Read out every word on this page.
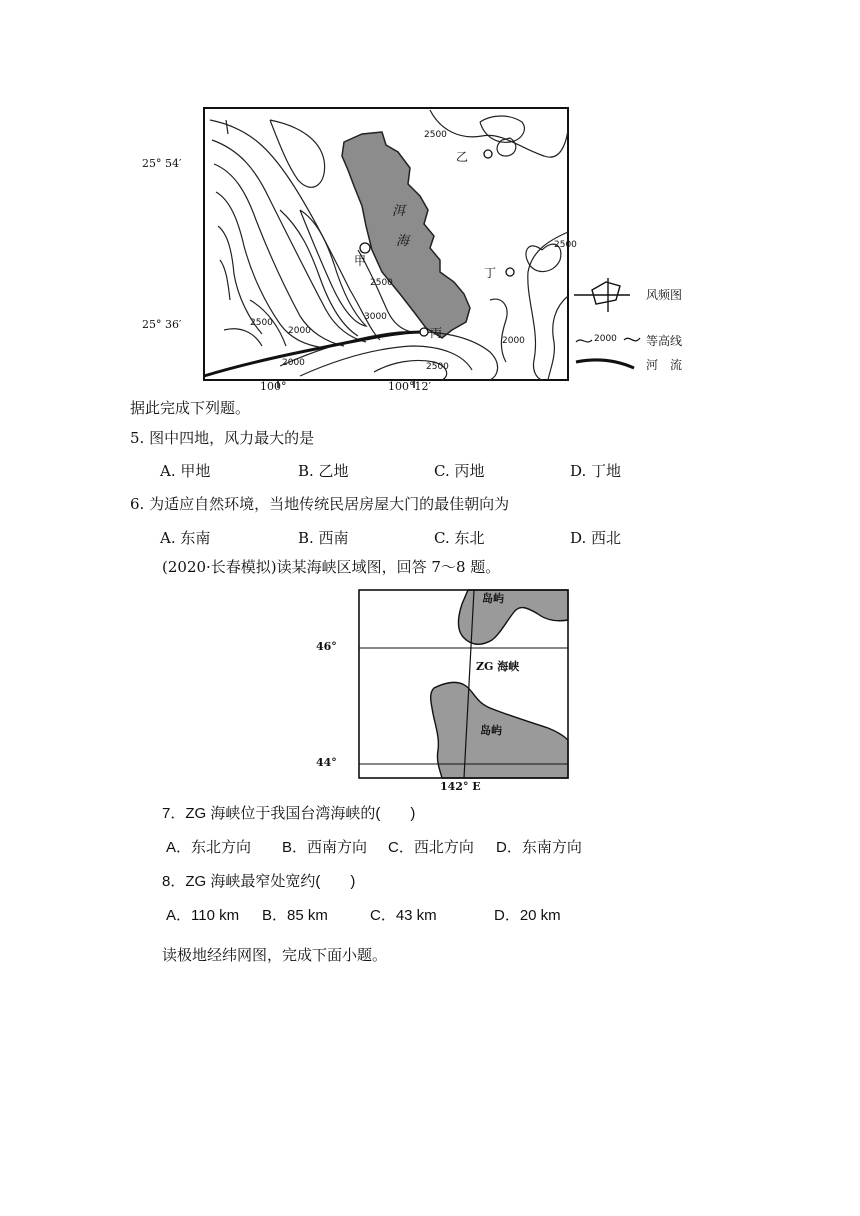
25° 54′
25° 36′
100°	100°12′
洱
海
甲
乙
丙
丁
2500
2500
3000
2500
2000
2000	2500
2000
2500
风频图
2000 等高线
河　流
据此完成下列题。
5. 图中四地，风力最大的是
A. 甲地	B. 乙地	C. 丙地	D. 丁地
6. 为适应自然环境，当地传统民居房屋大门的最佳朝向为
A. 东南	B. 西南	C. 东北	D. 西北
(2020·长春模拟)读某海峡区域图，回答 7～8 题。
46°
44°
142° E
岛屿
ZG 海峡
岛屿
7．ZG 海峡位于我国台湾海峡的(　　)
A．东北方向 B．西南方向 C．西北方向 D．东南方向
8．ZG 海峡最窄处宽约(　　)
A．110 km B．85 km	C．43 km	D．20 km
读极地经纬网图，完成下面小题。
